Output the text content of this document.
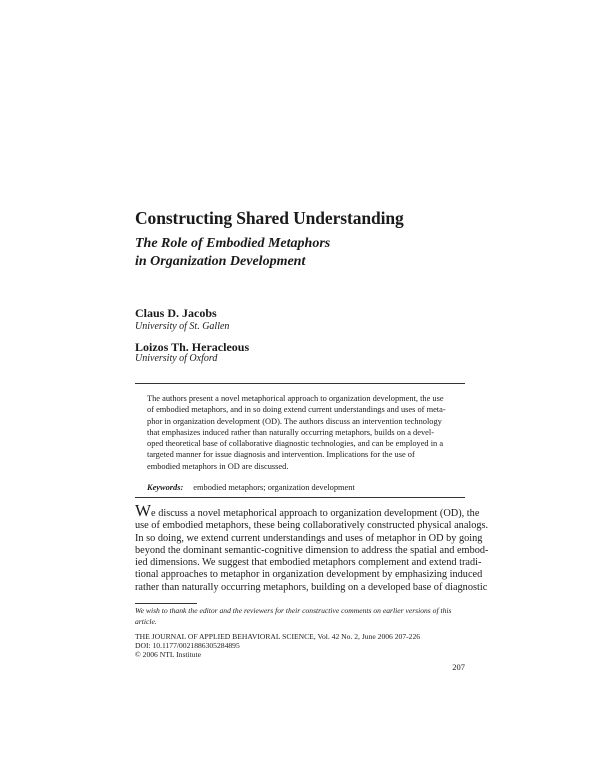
Constructing Shared Understanding
The Role of Embodied Metaphors
in Organization Development
Claus D. Jacobs
University of St. Gallen
Loizos Th. Heracleous
University of Oxford
The authors present a novel metaphorical approach to organization development, the use
of embodied metaphors, and in so doing extend current understandings and uses of meta-
phor in organization development (OD). The authors discuss an intervention technology
that emphasizes induced rather than naturally occurring metaphors, builds on a devel-
oped theoretical base of collaborative diagnostic technologies, and can be employed in a
targeted manner for issue diagnosis and intervention. Implications for the use of
embodied metaphors in OD are discussed.
Keywords: embodied metaphors; organization development
We discuss a novel metaphorical approach to organization development (OD), the
use of embodied metaphors, these being collaboratively constructed physical analogs.
In so doing, we extend current understandings and uses of metaphor in OD by going
beyond the dominant semantic-cognitive dimension to address the spatial and embod-
ied dimensions. We suggest that embodied metaphors complement and extend tradi-
tional approaches to metaphor in organization development by emphasizing induced
rather than naturally occurring metaphors, building on a developed base of diagnostic
We wish to thank the editor and the reviewers for their constructive comments on earlier versions of this
article.
THE JOURNAL OF APPLIED BEHAVIORAL SCIENCE, Vol. 42 No. 2, June 2006 207-226
DOI: 10.1177/0021886305284895
© 2006 NTL Institute
207
